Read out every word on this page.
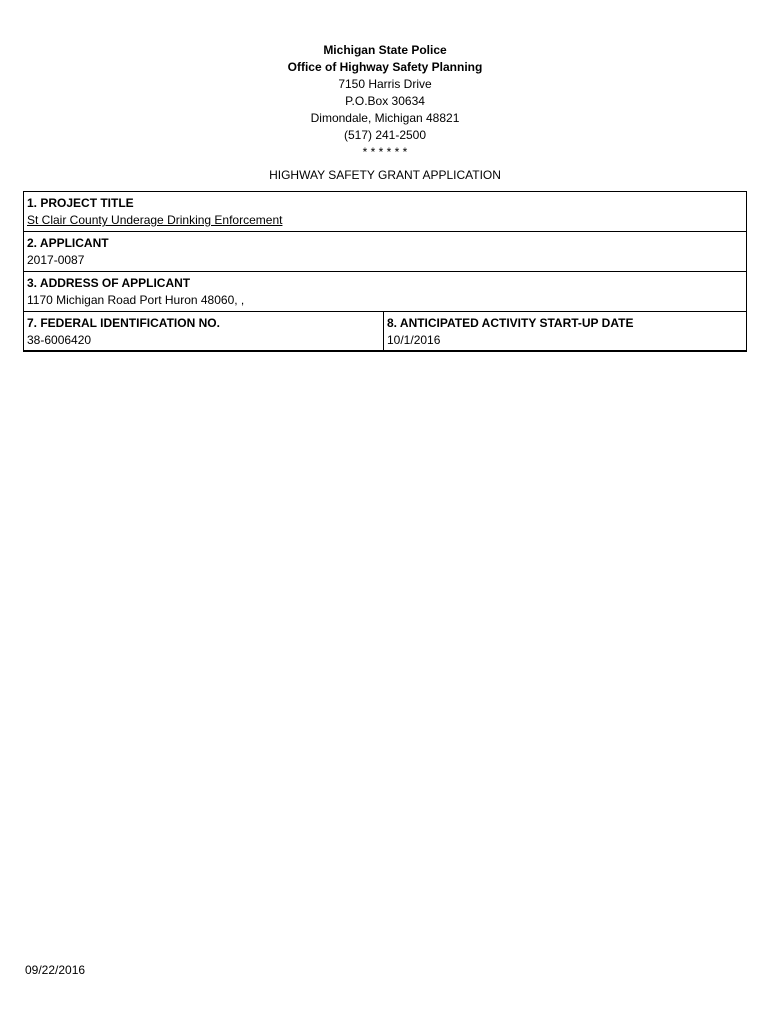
Michigan State Police
Office of Highway Safety Planning
7150 Harris Drive
P.O.Box 30634
Dimondale, Michigan 48821
(517) 241-2500
* * * * * *
HIGHWAY SAFETY GRANT APPLICATION
1. PROJECT TITLE
St Clair County Underage Drinking Enforcement
2. APPLICANT
2017-0087
3. ADDRESS OF APPLICANT
1170 Michigan Road Port Huron 48060, ,
7. FEDERAL IDENTIFICATION NO.
38-6006420
8. ANTICIPATED ACTIVITY START-UP DATE
10/1/2016
09/22/2016
